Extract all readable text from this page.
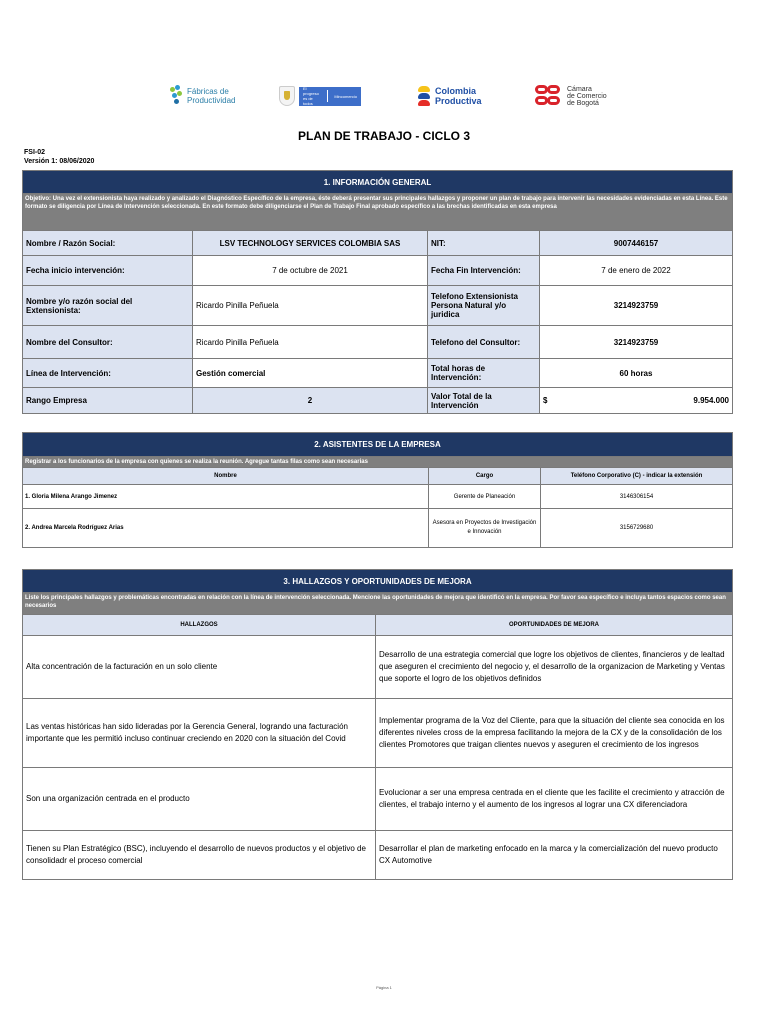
Fábricas de
Productividad
El progreso
es de todos
Mincomercio	Colombia
Productiva
Cámara
de Comercio
de Bogotá
PLAN DE TRABAJO - CICLO 3
FSI-02
Versión 1: 08/06/2020
1. INFORMACIÓN GENERAL			
Objetivo: Una vez el extensionista haya realizado y analizado el Diagnóstico Específico de la empresa, éste deberá presentar sus principales hallazgos y proponer un plan de trabajo para intervenir las necesidades evidenciadas en esta Línea. Este formato se diligencia por Línea de Intervención seleccionada. En este formato debe diligenciarse el Plan de Trabajo Final aprobado específico a las brechas identificadas en esta empresa			
Nombre / Razón Social:	LSV TECHNOLOGY SERVICES COLOMBIA SAS	NIT:	9007446157
Fecha inicio intervención:	7 de octubre de 2021	Fecha Fin Intervención:	7 de enero de 2022
Nombre y/o razón social del Extensionista:	Ricardo Pinilla Peñuela	Telefono Extensionista Persona Natural y/o juridica	3214923759
Nombre del Consultor:	Ricardo Pinilla Peñuela	Telefono del Consultor:	3214923759
Línea de Intervención:	Gestión comercial	Total horas de Intervención:	60 horas
Rango Empresa	2	Valor Total de la Intervención	$ 9.954.000
2. ASISTENTES DE LA EMPRESA		
Registrar a los funcionarios de la empresa con quienes se realiza la reunión. Agregue tantas filas como sean necesarias		
Nombre	Cargo	Teléfono Corporativo (C) - indicar la extensión
1. Gloria Milena Arango Jimenez	Gerente de Planeación	3146306154
2. Andrea Marcela Rodríguez Arias	Asesora en Proyectos de Investigación e Innovación	3156729680
3. HALLAZGOS Y OPORTUNIDADES DE MEJORA	
Liste los principales hallazgos y problemáticas encontradas en relación con la línea de intervención seleccionada. Mencione las oportunidades de mejora que identificó en la empresa. Por favor sea específico e incluya tantos espacios como sean necesarios	
HALLAZGOS	OPORTUNIDADES DE MEJORA
Alta concentración de la facturación en un solo cliente	Desarrollo de una estrategia comercial que logre los objetivos de clientes, financieros y de lealtad que aseguren el crecimiento del negocio y, el desarrollo de la organizacion de Marketing y Ventas que soporte el logro de los objetivos definidos
Las ventas históricas han sido lideradas por la Gerencia General, logrando una facturación importante que les permitió incluso continuar creciendo en 2020 con la situación del Covid	Implementar programa de la Voz del Cliente, para que la situación del cliente sea conocida en los diferentes niveles cross de la empresa facilitando la mejora de la CX y de la consolidación de los clientes Promotores que traigan clientes nuevos y aseguren el crecimiento de los ingresos
Son una organización centrada en el producto	Evolucionar a ser una empresa centrada en el cliente que les facilite el crecimiento y atracción de clientes, el trabajo interno y el aumento de los ingresos al lograr una CX diferenciadora
Tienen su Plan Estratégico (BSC), incluyendo el desarrollo de nuevos productos y el objetivo de consolidadr el proceso comercial	Desarrollar el plan de marketing enfocado en la marca y la comercialización del nuevo producto CX Automotive
Página 1
